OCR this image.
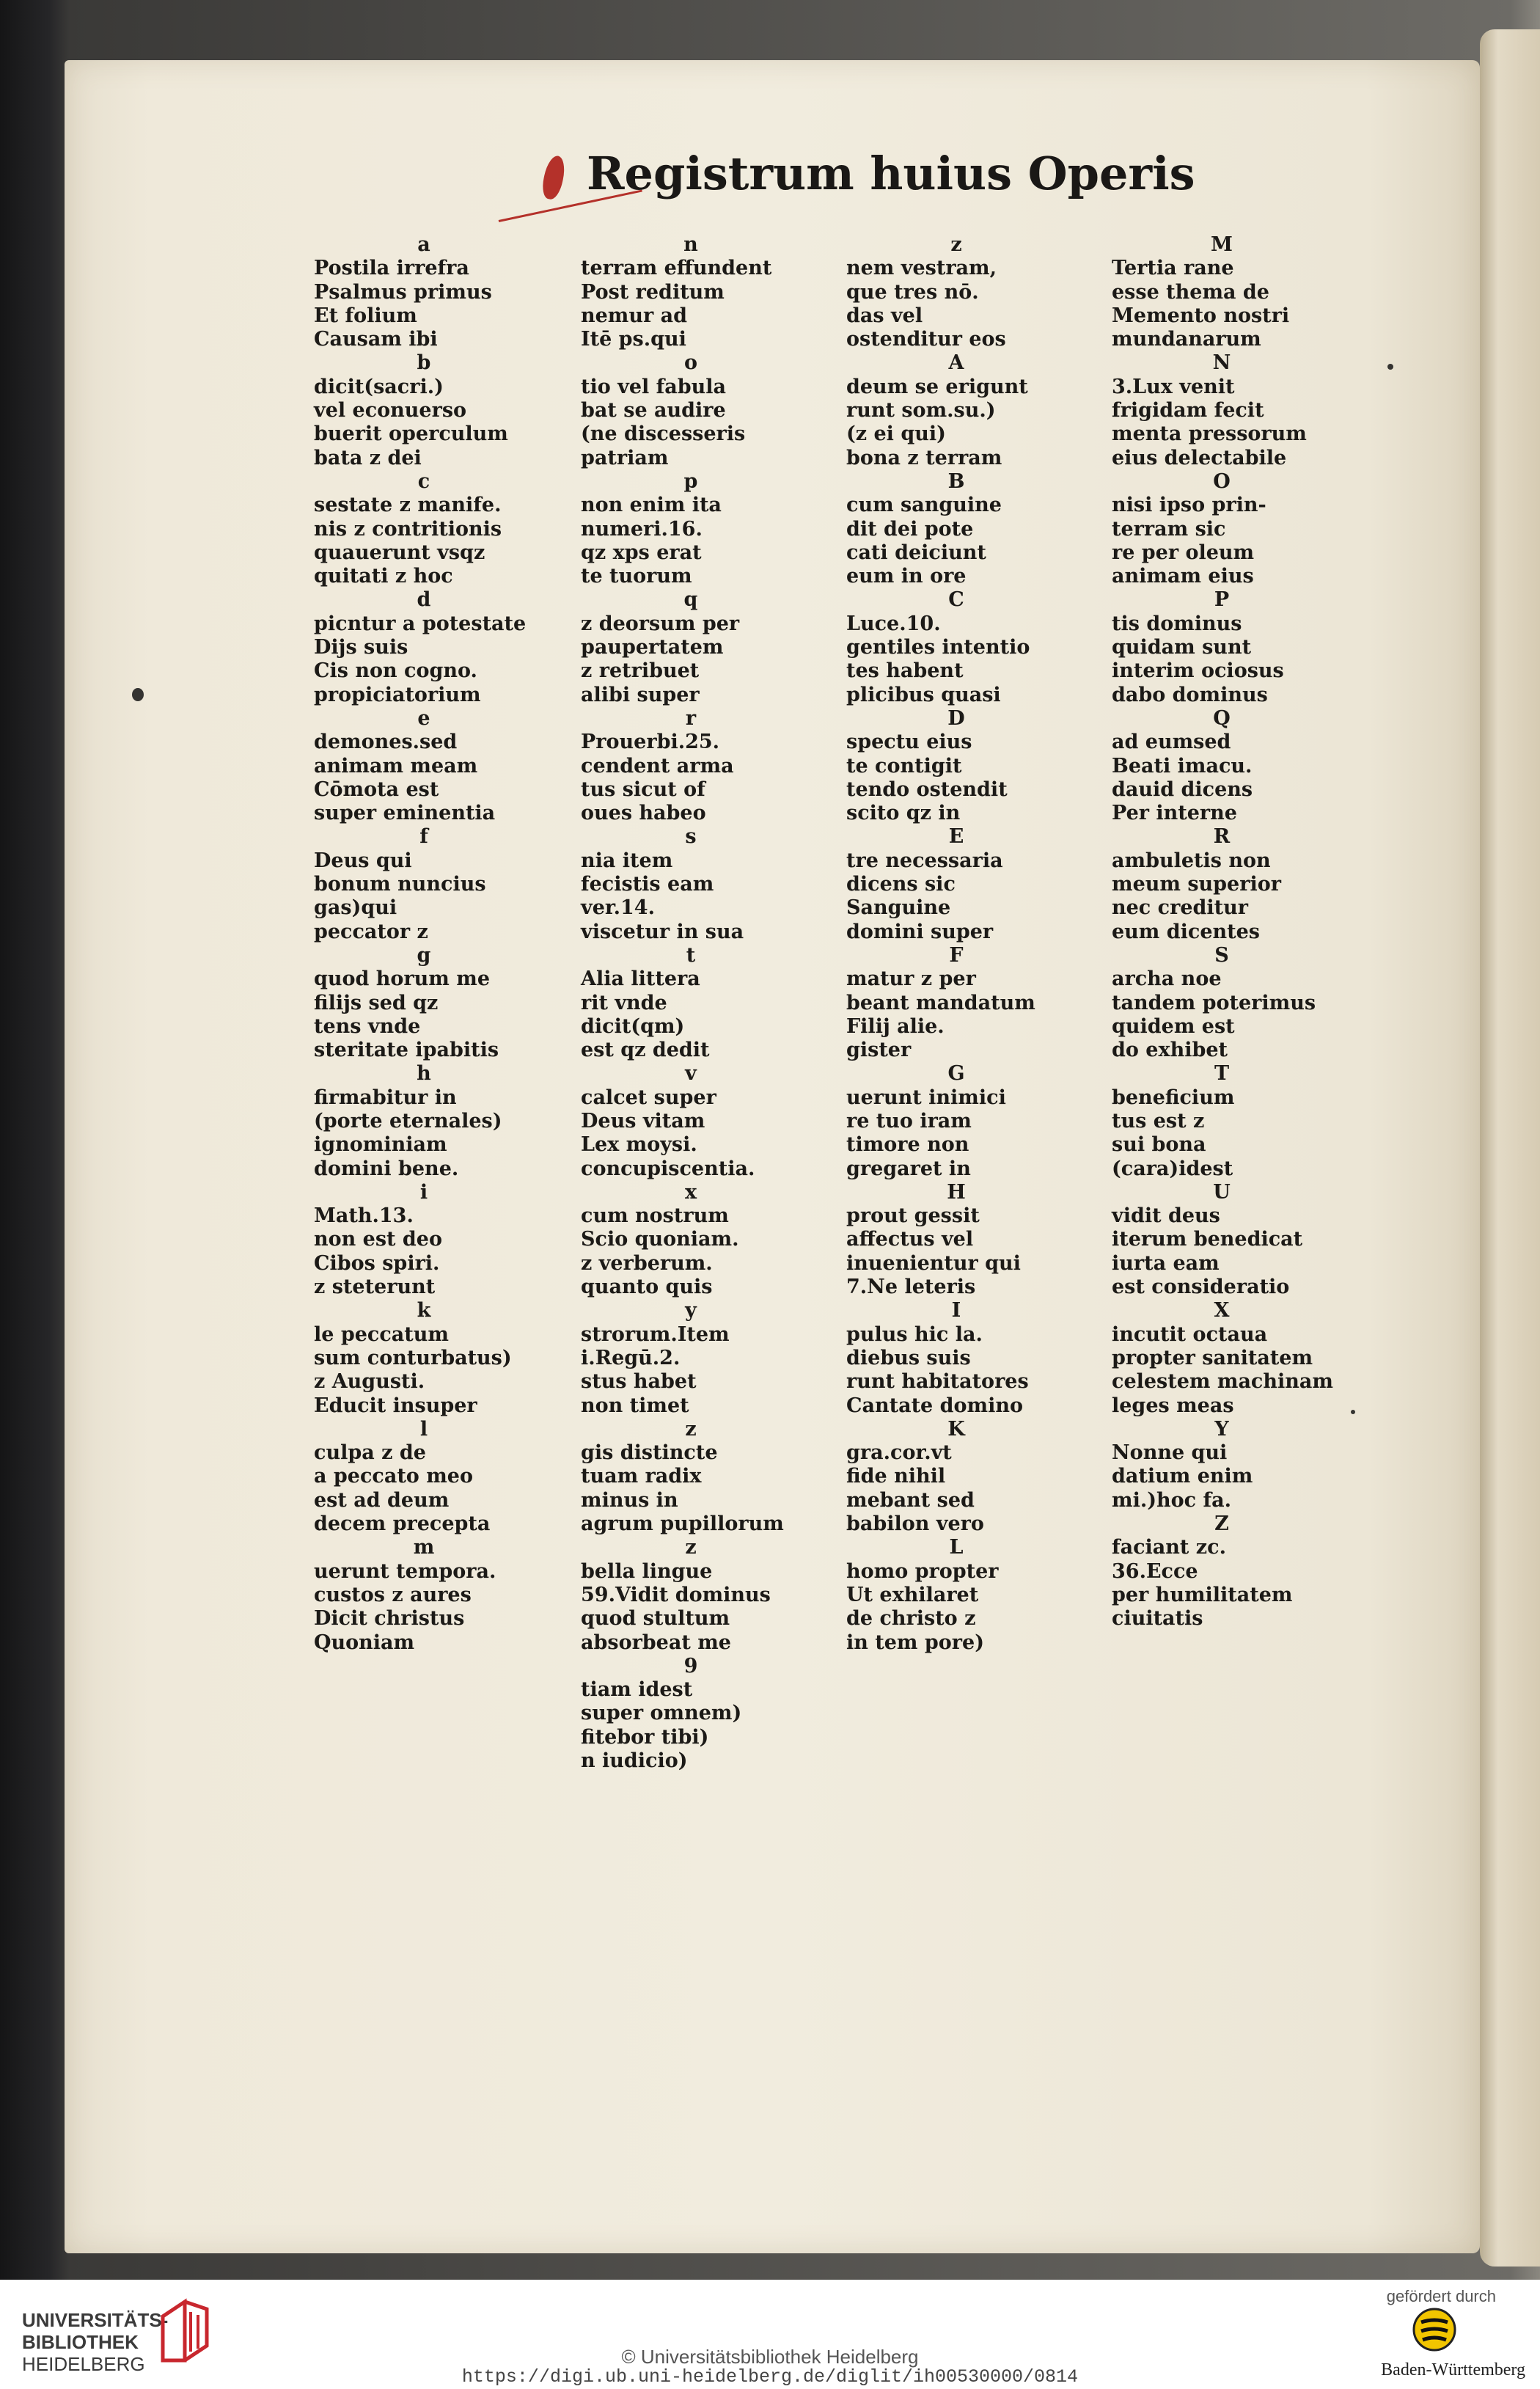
Registrum huius Operis
a
Postila irrefra
Psalmus primus
Et folium
Causam ibi
b
dicit(sacri.)
vel econuerso
buerit operculum
bata z dei
c
sestate z manife.
nis z contritionis
quauerunt vsqz
quitati z hoc
d
picntur a potestate
Dijs suis
Cis non cogno.
propiciatorium
e
demones.sed
animam meam
Cōmota est
super eminentia
f
Deus qui
bonum nuncius
gas)qui
peccator z
g
quod horum me
filijs sed qz
tens vnde
steritate ipabitis
h
firmabitur in
(porte eternales)
ignominiam
domini bene.
i
Math.13.
non est deo
Cibos spiri.
z steterunt
k
le peccatum
sum conturbatus)
z Augusti.
Educit insuper
l
culpa z de
a peccato meo
est ad deum
decem precepta
m
uerunt tempora.
custos z aures
Dicit christus
Quoniam
n
terram effundent
Post reditum
nemur ad
Itē ps.qui
o
tio vel fabula
bat se audire
(ne discesseris
patriam
p
non enim ita
numeri.16.
qz xps erat
te tuorum
q
z deorsum per
paupertatem
z retribuet
alibi super
r
Prouerbi.25.
cendent arma
tus sicut of
oues habeo
s
nia item
fecistis eam
ver.14.
viscetur in sua
t
Alia littera
rit vnde
dicit(qm)
est qz dedit
v
calcet super
Deus vitam
Lex moysi.
concupiscentia.
x
cum nostrum
Scio quoniam.
z verberum.
quanto quis
y
strorum.Item
i.Regū.2.
stus habet
non timet
z
gis distincte
tuam radix
minus in
agrum pupillorum
z
bella lingue
59.Vidit dominus
quod stultum
absorbeat me
9
tiam idest
super omnem)
fitebor tibi)
n iudicio)
z
nem vestram,
que tres nō.
das vel
ostenditur eos
A
deum se erigunt
runt som.su.)
(z ei qui)
bona z terram
B
cum sanguine
dit dei pote
cati deiciunt
eum in ore
C
Luce.10.
gentiles intentio
tes habent
plicibus quasi
D
spectu eius
te contigit
tendo ostendit
scito qz in
E
tre necessaria
dicens sic
Sanguine
domini super
F
matur z per
beant mandatum
Filij alie.
gister
G
uerunt inimici
re tuo iram
timore non
gregaret in
H
prout gessit
affectus vel
inuenientur qui
7.Ne leteris
I
pulus hic la.
diebus suis
runt habitatores
Cantate domino
K
gra.cor.vt
fide nihil
mebant sed
babilon vero
L
homo propter
Ut exhilaret
de christo z
in tem pore)
M
Tertia rane
esse thema de
Memento nostri
mundanarum
N
3.Lux venit
frigidam fecit
menta pressorum
eius delectabile
O
nisi ipso prin-
terram sic
re per oleum
animam eius
P
tis dominus
quidam sunt
interim ociosus
dabo dominus
Q
ad eumsed
Beati imacu.
dauid dicens
Per interne
R
ambuletis non
meum superior
nec creditur
eum dicentes
S
archa noe
tandem poterimus
quidem est
do exhibet
T
beneficium
tus est z
sui bona
(cara)idest
U
vidit deus
iterum benedicat
iurta eam
est consideratio
X
incutit octaua
propter sanitatem
celestem machinam
leges meas
Y
Nonne qui
datium enim
mi.)hoc fa.
Z
faciant zc.
36.Ecce
per humilitatem
ciuitatis
UNIVERSITÄTS-
BIBLIOTHEK
HEIDELBERG	© Universitätsbibliothek Heidelberg
https://digi.ub.uni-heidelberg.de/diglit/ih00530000/0814
gefördert durch
Baden-Württemberg
